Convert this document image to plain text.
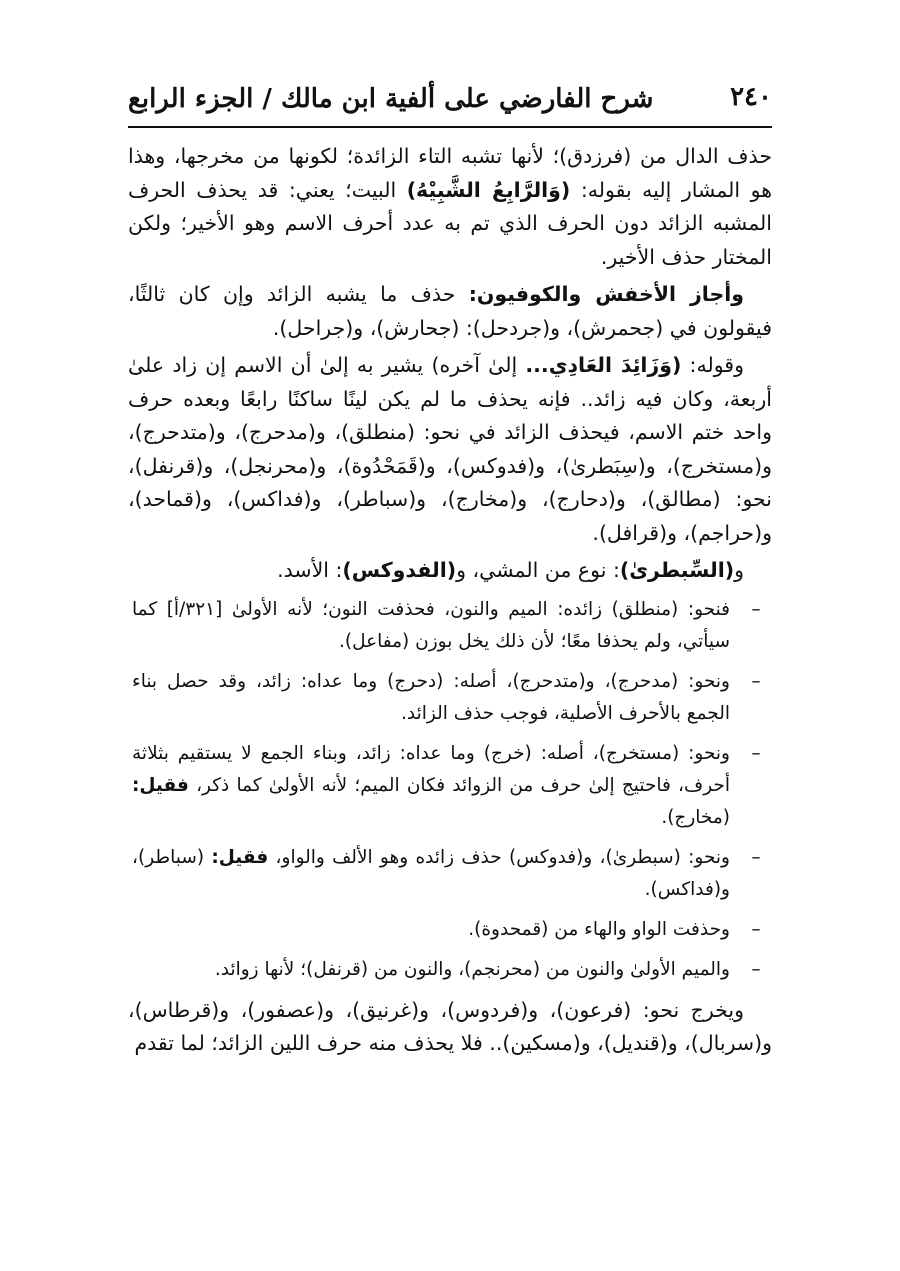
٢٤٠
شرح الفارضي على ألفية ابن مالك / الجزء الرابع

حذف الدال من (فرزدق)؛ لأنها تشبه التاء الزائدة؛ لكونها من مخرجها، وهذا هو المشار إليه بقوله: (وَالرَّابِعُ الشَّبِيْهُ) البيت؛ يعني: قد يحذف الحرف المشبه الزائد دون الحرف الذي تم به عدد أحرف الاسم وهو الأخير؛ ولكن المختار حذف الأخير.

وأجاز الأخفش والكوفيون: حذف ما يشبه الزائد وإن كان ثالثًا، فيقولون في (جحمرش)، و(جردحل): (جحارش)، و(جراحل).

وقوله: (وَزَائِدَ العَادِي... إلىٰ آخره) يشير به إلىٰ أن الاسم إن زاد علىٰ أربعة، وكان فيه زائد.. فإنه يحذف ما لم يكن لينًا ساكنًا رابعًا وبعده حرف واحد ختم الاسم، فيحذف الزائد في نحو: (منطلق)، و(مدحرج)، و(متدحرج)، و(مستخرج)، و(سِبَطرىٰ)، و(فدوكس)، و(قَمَحْدُوة)، و(محرنجل)، و(قرنفل)، نحو: (مطالق)، و(دحارج)، و(مخارج)، و(سباطر)، و(فداكس)، و(قماحد)، و(حراجم)، و(قرافل).

و(السِّبطرىٰ): نوع من المشي، و(الفدوكس): الأسد.

–
فنحو: (منطلق) زائده: الميم والنون، فحذفت النون؛ لأنه الأولىٰ [٣٢١/أ] كما سيأتي، ولم يحذفا معًا؛ لأن ذلك يخل بوزن (مفاعل).
–
ونحو: (مدحرج)، و(متدحرج)، أصله: (دحرج) وما عداه: زائد، وقد حصل بناء الجمع بالأحرف الأصلية، فوجب حذف الزائد.
–
ونحو: (مستخرج)، أصله: (خرج) وما عداه: زائد، وبناء الجمع لا يستقيم بثلاثة أحرف، فاحتيج إلىٰ حرف من الزوائد فكان الميم؛ لأنه الأولىٰ كما ذكر، فقيل: (مخارج).
–
ونحو: (سبطرىٰ)، و(فدوكس) حذف زائده وهو الألف والواو، فقيل: (سباطر)، و(فداكس).
–
وحذفت الواو والهاء من (قمحدوة).
–
والميم الأولىٰ والنون من (محرنجم)، والنون من (قرنفل)؛ لأنها زوائد.

ويخرج نحو: (فرعون)، و(فردوس)، و(غرنيق)، و(عصفور)، و(قرطاس)، و(سربال)، و(قنديل)، و(مسكين).. فلا يحذف منه حرف اللين الزائد؛ لما تقدم
